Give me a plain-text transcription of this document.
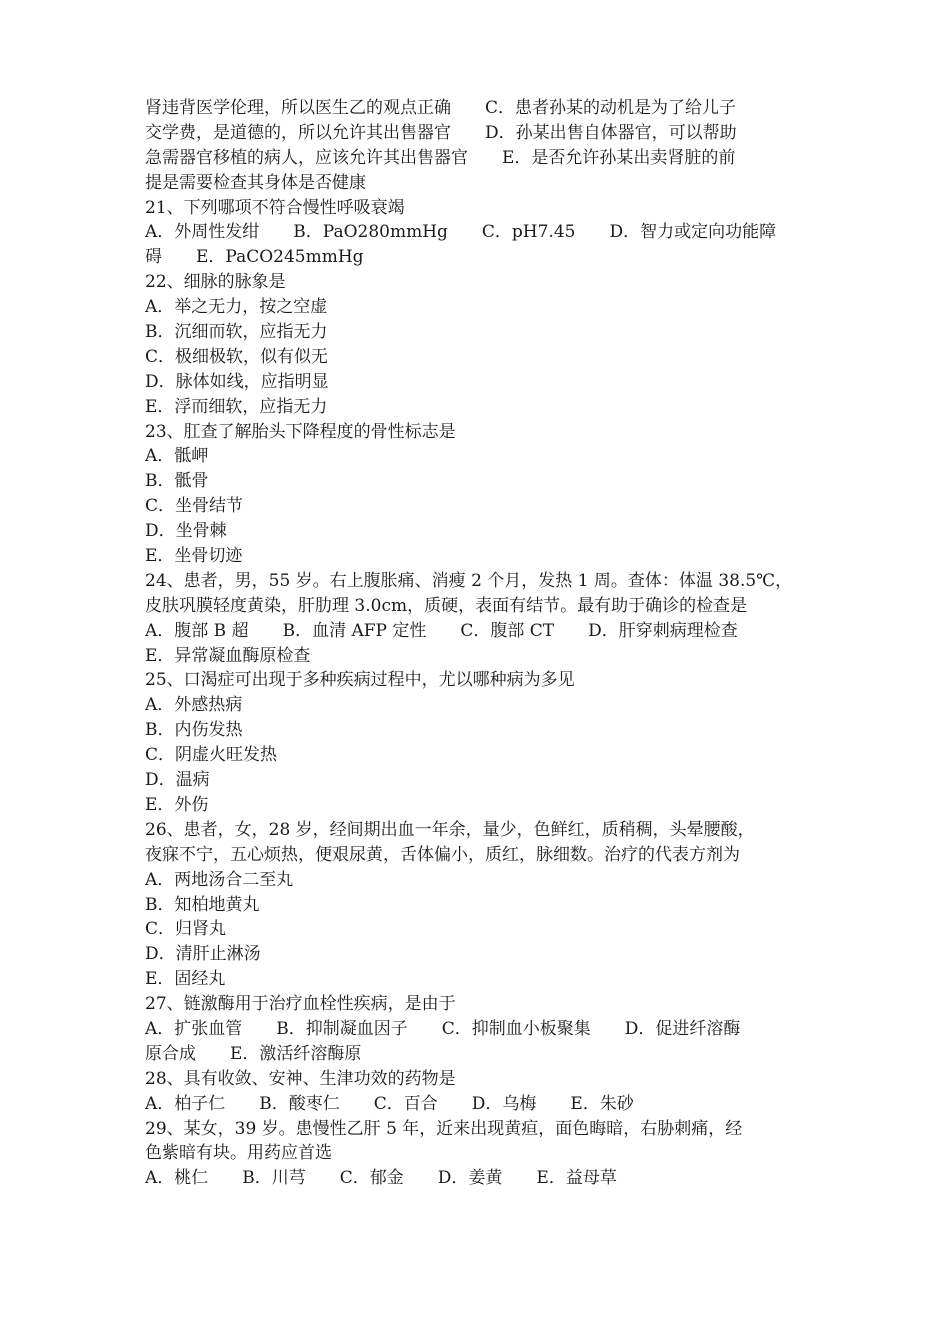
肾违背医学伦理，所以医生乙的观点正确　　C．患者孙某的动机是为了给儿子
交学费，是道德的，所以允许其出售器官　　D．孙某出售自体器官，可以帮助
急需器官移植的病人，应该允许其出售器官　　E．是否允许孙某出卖肾脏的前
提是需要检查其身体是否健康
21、下列哪项不符合慢性呼吸衰竭
A．外周性发绀　　B．PaO280mmHg　　C．pH7.45　　D．智力或定向功能障
碍　　E．PaCO245mmHg
22、细脉的脉象是
A．举之无力，按之空虚
B．沉细而软，应指无力
C．极细极软，似有似无
D．脉体如线，应指明显
E．浮而细软，应指无力
23、肛查了解胎头下降程度的骨性标志是
A．骶岬
B．骶骨
C．坐骨结节
D．坐骨棘
E．坐骨切迹
24、患者，男，55 岁。右上腹胀痛、消瘦 2 个月，发热 1 周。查体：体温 38.5℃，
皮肤巩膜轻度黄染，肝肋理 3.0cm，质硬，表面有结节。最有助于确诊的检查是
A．腹部 B 超　　B．血清 AFP 定性　　C．腹部 CT　　D．肝穿刺病理检查
E．异常凝血酶原检查
25、口渴症可出现于多种疾病过程中，尤以哪种病为多见
A．外感热病
B．内伤发热
C．阴虚火旺发热
D．温病
E．外伤
26、患者，女，28 岁，经间期出血一年余，量少，色鲜红，质稍稠，头晕腰酸，
夜寐不宁，五心烦热，便艰尿黄，舌体偏小，质红，脉细数。治疗的代表方剂为
A．两地汤合二至丸
B．知柏地黄丸
C．归肾丸
D．清肝止淋汤
E．固经丸
27、链激酶用于治疗血栓性疾病，是由于
A．扩张血管　　B．抑制凝血因子　　C．抑制血小板聚集　　D．促进纤溶酶
原合成　　E．激活纤溶酶原
28、具有收敛、安神、生津功效的药物是
A．柏子仁　　B．酸枣仁　　C．百合　　D．乌梅　　E．朱砂
29、某女，39 岁。患慢性乙肝 5 年，近来出现黄疸，面色晦暗，右胁刺痛，经
色紫暗有块。用药应首选
A．桃仁　　B．川芎　　C．郁金　　D．姜黄　　E．益母草
